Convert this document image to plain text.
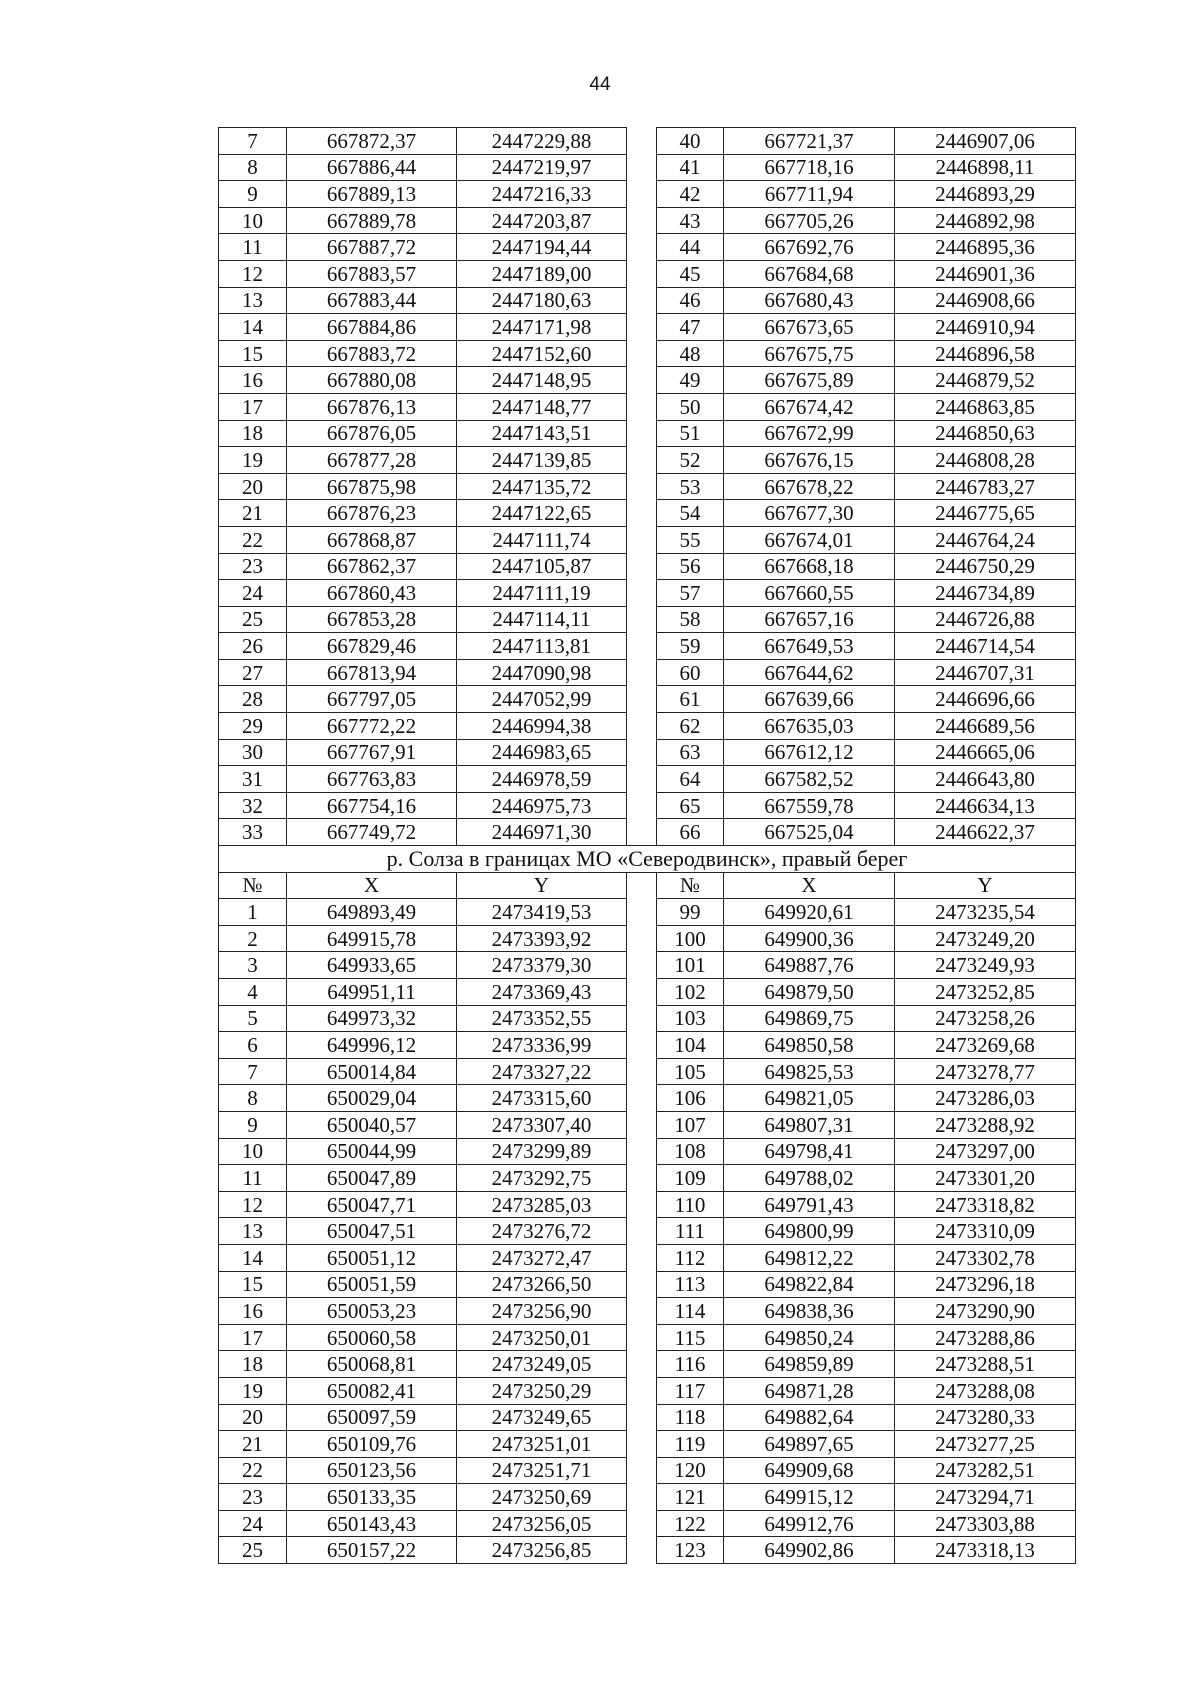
44
7	667872,37	2447229,88		40	667721,37	2446907,06
8	667886,44	2447219,97		41	667718,16	2446898,11
9	667889,13	2447216,33		42	667711,94	2446893,29
10	667889,78	2447203,87		43	667705,26	2446892,98
11	667887,72	2447194,44		44	667692,76	2446895,36
12	667883,57	2447189,00		45	667684,68	2446901,36
13	667883,44	2447180,63		46	667680,43	2446908,66
14	667884,86	2447171,98		47	667673,65	2446910,94
15	667883,72	2447152,60		48	667675,75	2446896,58
16	667880,08	2447148,95		49	667675,89	2446879,52
17	667876,13	2447148,77		50	667674,42	2446863,85
18	667876,05	2447143,51		51	667672,99	2446850,63
19	667877,28	2447139,85		52	667676,15	2446808,28
20	667875,98	2447135,72		53	667678,22	2446783,27
21	667876,23	2447122,65		54	667677,30	2446775,65
22	667868,87	2447111,74		55	667674,01	2446764,24
23	667862,37	2447105,87		56	667668,18	2446750,29
24	667860,43	2447111,19		57	667660,55	2446734,89
25	667853,28	2447114,11		58	667657,16	2446726,88
26	667829,46	2447113,81		59	667649,53	2446714,54
27	667813,94	2447090,98		60	667644,62	2446707,31
28	667797,05	2447052,99		61	667639,66	2446696,66
29	667772,22	2446994,38		62	667635,03	2446689,56
30	667767,91	2446983,65		63	667612,12	2446665,06
31	667763,83	2446978,59		64	667582,52	2446643,80
32	667754,16	2446975,73		65	667559,78	2446634,13
33	667749,72	2446971,30		66	667525,04	2446622,37
р. Солза в границах МО «Северодвинск», правый берег						
№	X	Y		№	X	Y
1	649893,49	2473419,53		99	649920,61	2473235,54
2	649915,78	2473393,92		100	649900,36	2473249,20
3	649933,65	2473379,30		101	649887,76	2473249,93
4	649951,11	2473369,43		102	649879,50	2473252,85
5	649973,32	2473352,55		103	649869,75	2473258,26
6	649996,12	2473336,99		104	649850,58	2473269,68
7	650014,84	2473327,22		105	649825,53	2473278,77
8	650029,04	2473315,60		106	649821,05	2473286,03
9	650040,57	2473307,40		107	649807,31	2473288,92
10	650044,99	2473299,89		108	649798,41	2473297,00
11	650047,89	2473292,75		109	649788,02	2473301,20
12	650047,71	2473285,03		110	649791,43	2473318,82
13	650047,51	2473276,72		111	649800,99	2473310,09
14	650051,12	2473272,47		112	649812,22	2473302,78
15	650051,59	2473266,50		113	649822,84	2473296,18
16	650053,23	2473256,90		114	649838,36	2473290,90
17	650060,58	2473250,01		115	649850,24	2473288,86
18	650068,81	2473249,05		116	649859,89	2473288,51
19	650082,41	2473250,29		117	649871,28	2473288,08
20	650097,59	2473249,65		118	649882,64	2473280,33
21	650109,76	2473251,01		119	649897,65	2473277,25
22	650123,56	2473251,71		120	649909,68	2473282,51
23	650133,35	2473250,69		121	649915,12	2473294,71
24	650143,43	2473256,05		122	649912,76	2473303,88
25	650157,22	2473256,85		123	649902,86	2473318,13
